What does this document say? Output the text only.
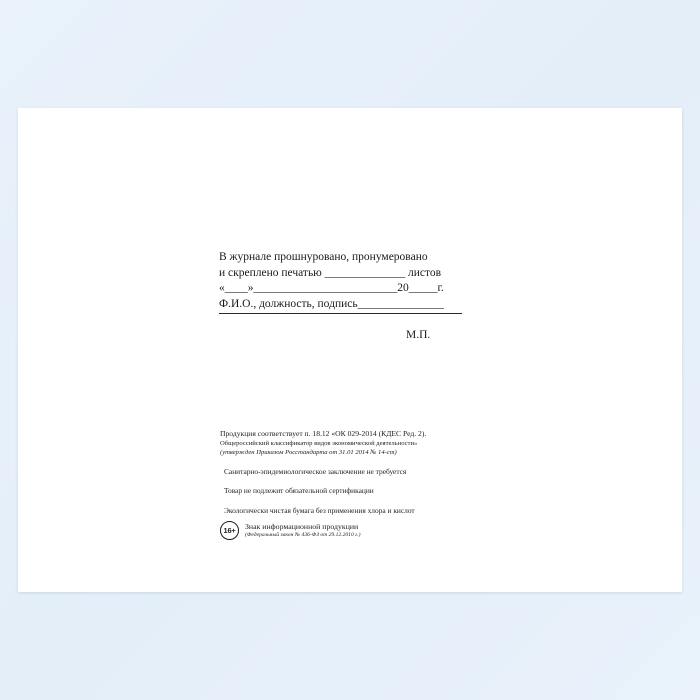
В журнале прошнуровано, пронумеровано
и скреплено печатью ______________ листов
«____»_________________________20_____г.
Ф.И.О., должность, подпись_______________
М.П.
Продукция соответствует п. 18.12 «ОК 029-2014 (КДЕС Ред. 2).
Общероссийский классификатор видов экономической деятельности»
(утвержден Приказом Росстандарта от 31.01 2014 № 14-ст)
Санитарно-эпидемиологическое заключение не требуется
Товар не подлежит обязательной сертификации
Экологически чистая бумага без применения хлора и кислот
16+	Знак информационной продукции
(Федеральный закон № 436-ФЗ от 29.12.2010 г.)
